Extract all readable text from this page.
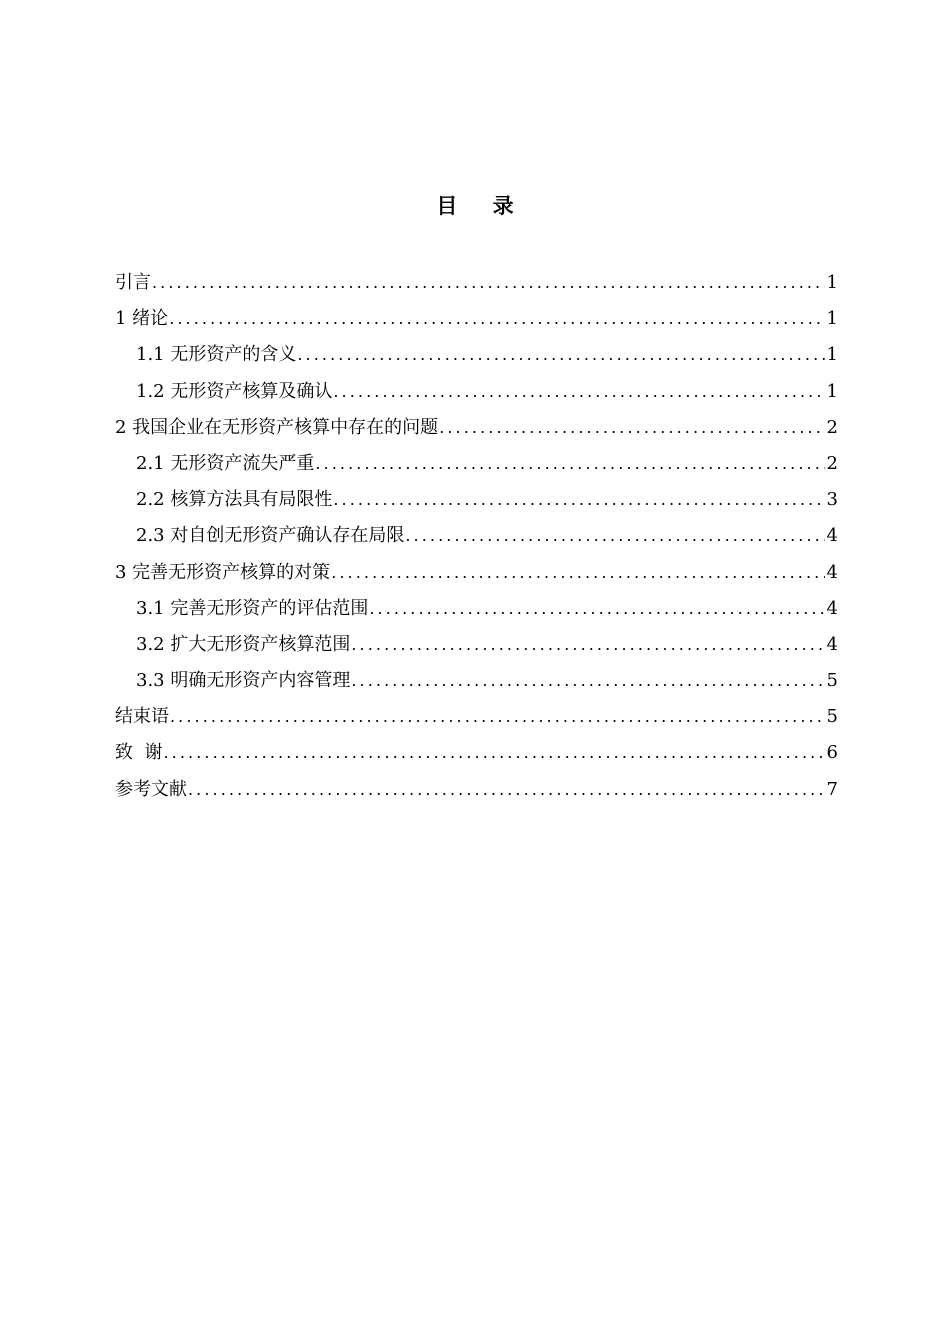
目 录
引言 .....	1
1 绪论 .....	1
1.1 无形资产的含义 .....	1
1.2 无形资产核算及确认 .....	1
2 我国企业在无形资产核算中存在的问题 .....	2
2.1 无形资产流失严重 .....	2
2.2 核算方法具有局限性 .....	3
2.3 对自创无形资产确认存在局限 .....	4
3 完善无形资产核算的对策 .....	4
3.1 完善无形资产的评估范围 .....	4
3.2 扩大无形资产核算范围 .....	4
3.3 明确无形资产内容管理 .....	5
结束语 .....	5
致  谢 .....	6
参考文献 .....	7
